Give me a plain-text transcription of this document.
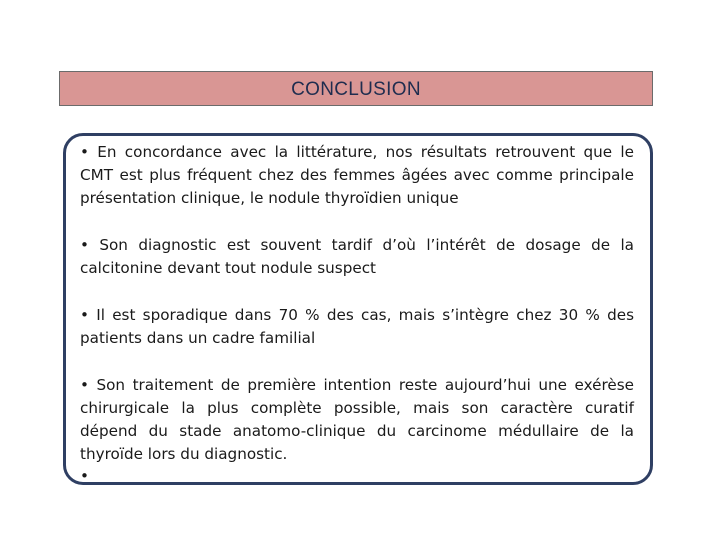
CONCLUSION

• En concordance avec la littérature, nos résultats retrouvent que le CMT est plus fréquent chez des femmes âgées avec comme principale présentation clinique, le nodule thyroïdien unique

• Son diagnostic est souvent tardif d’où l’intérêt de dosage de la calcitonine devant tout nodule suspect

• Il est sporadique dans 70 % des cas, mais s’intègre chez 30 % des patients dans un cadre familial

• Son traitement de première intention reste aujourd’hui une exérèse chirurgicale la plus complète possible, mais son caractère curatif dépend du stade anatomo-clinique du carcinome médullaire de la thyroïde lors du diagnostic.

•
